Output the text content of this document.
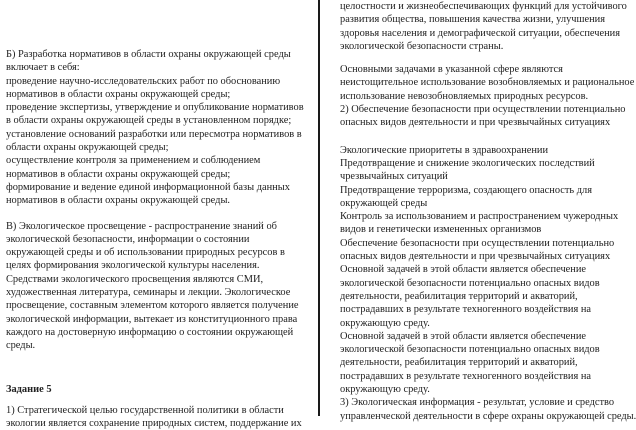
Б) Разработка нормативов в области охраны окружающей среды

включает в себя:

проведение научно-исследовательских работ по обоснованию

нормативов в области охраны окружающей среды;

проведение экспертизы, утверждение и опубликование нормативов

в области охраны окружающей среды в установленном порядке;

установление оснований разработки или пересмотра нормативов в

области охраны окружающей среды;

осуществление контроля за применением и соблюдением

нормативов в области охраны окружающей среды;

формирование и ведение единой информационной базы данных

нормативов в области охраны окружающей среды.

В) Экологическое просвещение - распространение знаний об

экологической безопасности, информации о состоянии

окружающей среды и об использовании природных ресурсов в

целях формирования экологической культуры населения.

Средствами экологического просвещения являются СМИ,

художественная литература, семинары и лекции. Экологическое

просвещение, составным элементом которого является получение

экологической информации, вытекает из конституционного права

каждого на достоверную информацию о состоянии окружающей

среды.

Задание 5

1) Стратегической целью государственной политики в области

экологии является сохранение природных систем, поддержание их

целостности и жизнеобеспечивающих функций для устойчивого

развития общества, повышения качества жизни, улучшения

здоровья населения и демографической ситуации, обеспечения

экологической безопасности страны.

Основными задачами в указанной сфере являются

неистощительное использование возобновляемых и рациональное

использование невозобновляемых природных ресурсов.

2) Обеспечение безопасности при осуществлении потенциально

опасных видов деятельности и при чрезвычайных ситуациях

Экологические приоритеты в здравоохранении

Предотвращение и снижение экологических последствий

чрезвычайных ситуаций

Предотвращение терроризма, создающего опасность для

окружающей среды

Контроль за использованием и распространением чужеродных

видов и генетически измененных организмов

Обеспечение безопасности при осуществлении потенциально

опасных видов деятельности и при чрезвычайных ситуациях

Основной задачей в этой области является обеспечение

экологической безопасности потенциально опасных видов

деятельности, реабилитация территорий и акваторий,

пострадавших в результате техногенного воздействия на

окружающую среду.

Основной задачей в этой области является обеспечение

экологической безопасности потенциально опасных видов

деятельности, реабилитация территорий и акваторий,

пострадавших в результате техногенного воздействия на

окружающую среду.

3) Экологическая информация - результат, условие и средство

управленческой деятельности в сфере охраны окружающей среды.
